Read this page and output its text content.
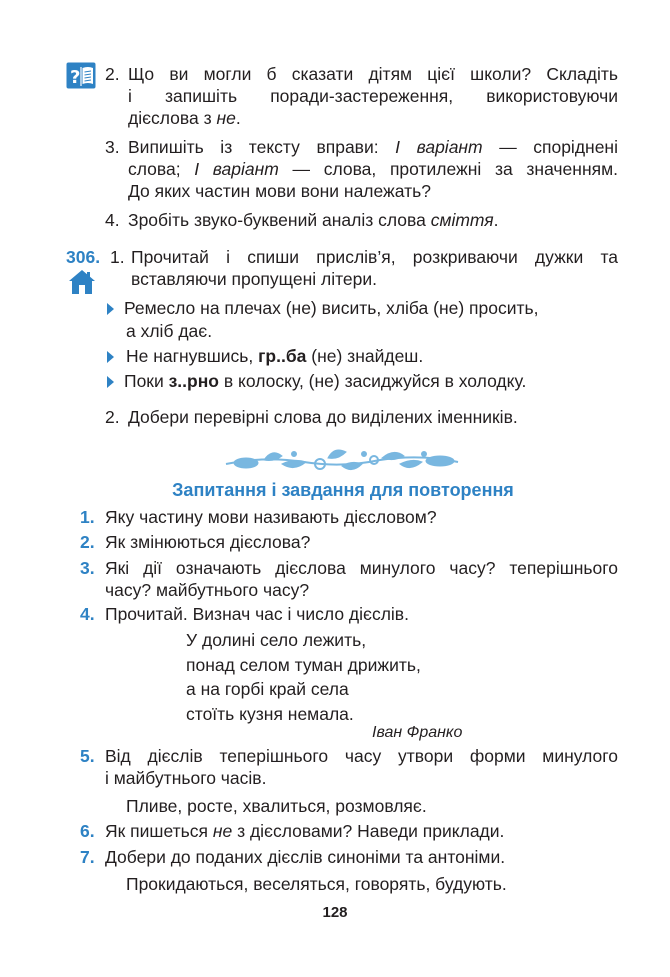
? 2. Що ви могли б сказати дітям цієї школи? Складіть
і запишіть поради-застереження, використовуючи
дієслова з не.
3. Випишіть із тексту вправи: І варіант — споріднені
слова; І варіант — слова, протилежні за значенням.
До яких частин мови вони належать?
4. Зробіть звуко-буквений аналіз слова сміття.
306. 1. Прочитай і спиши прислів’я, розкриваючи дужки та
вставляючи пропущені літери.
Ремесло на плечах (не) висить, хліба (не) просить,
а хліб дає.
Не нагнувшись, гр..ба (не) знайдеш.
Поки з..рно в колоску, (не) засиджуйся в холодку.
2. Добери перевірні слова до виділених іменників.
Запитання і завдання для повторення
1. Яку частину мови називають дієсловом?
2. Як змінюються дієслова?
3. Які дії означають дієслова минулого часу? теперішнього
часу? майбутнього часу?
4. Прочитай. Визнач час і число дієслів.
У долині село лежить,
понад селом туман дрижить,
а на горбі край села
стоїть кузня немала.
Іван Франко
5. Від дієслів теперішнього часу утвори форми минулого
і майбутнього часів.
Пливе, росте, хвалиться, розмовляє.
6. Як пишеться не з дієсловами? Наведи приклади.
7. Добери до поданих дієслів синоніми та антоніми.
Прокидаються, веселяться, говорять, будують.
128
